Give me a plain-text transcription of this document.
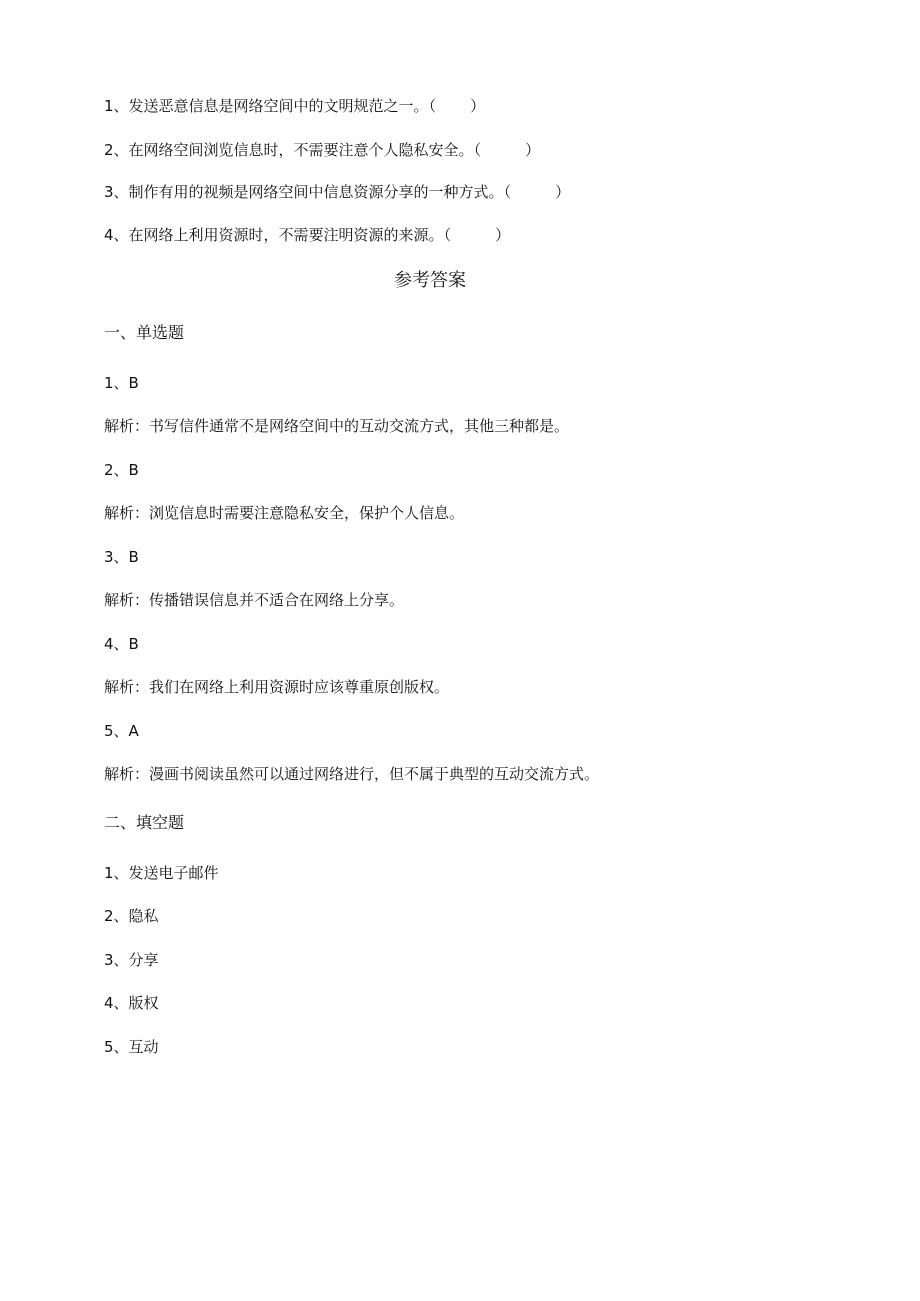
1、发送恶意信息是网络空间中的文明规范之一。（ ）
2、在网络空间浏览信息时，不需要注意个人隐私安全。（	）
3、制作有用的视频是网络空间中信息资源分享的一种方式。（	）
4、在网络上利用资源时，不需要注明资源的来源。（	）
参考答案
一、单选题
1、B
解析：书写信件通常不是网络空间中的互动交流方式，其他三种都是。
2、B
解析：浏览信息时需要注意隐私安全，保护个人信息。
3、B
解析：传播错误信息并不适合在网络上分享。
4、B
解析：我们在网络上利用资源时应该尊重原创版权。
5、A
解析：漫画书阅读虽然可以通过网络进行，但不属于典型的互动交流方式。
二、填空题
1、发送电子邮件
2、隐私
3、分享
4、版权
5、互动
